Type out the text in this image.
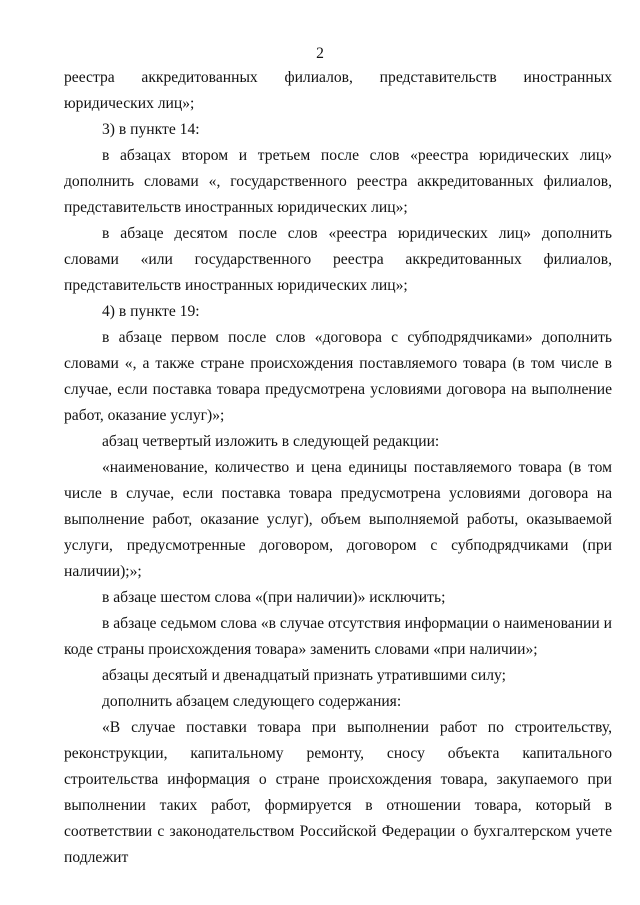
2

реестра аккредитованных филиалов, представительств иностранных юридических лиц»;

3) в пункте 14:

в абзацах втором и третьем после слов «реестра юридических лиц» дополнить словами «, государственного реестра аккредитованных филиалов, представительств иностранных юридических лиц»;

в абзаце десятом после слов «реестра юридических лиц» дополнить словами «или государственного реестра аккредитованных филиалов, представительств иностранных юридических лиц»;

4) в пункте 19:

в абзаце первом после слов «договора с субподрядчиками» дополнить словами «, а также стране происхождения поставляемого товара (в том числе в случае, если поставка товара предусмотрена условиями договора на выполнение работ, оказание услуг)»;

абзац четвертый изложить в следующей редакции:

«наименование, количество и цена единицы поставляемого товара (в том числе в случае, если поставка товара предусмотрена условиями договора на выполнение работ, оказание услуг), объем выполняемой работы, оказываемой услуги, предусмотренные договором, договором с субподрядчиками (при наличии);»;

в абзаце шестом слова «(при наличии)» исключить;

в абзаце седьмом слова «в случае отсутствия информации о наименовании и коде страны происхождения товара» заменить словами «при наличии»;

абзацы десятый и двенадцатый признать утратившими силу;

дополнить абзацем следующего содержания:

«В случае поставки товара при выполнении работ по строительству, реконструкции, капитальному ремонту, сносу объекта капитального строительства информация о стране происхождения товара, закупаемого при выполнении таких работ, формируется в отношении товара, который в соответствии с законодательством Российской Федерации о бухгалтерском учете подлежит
